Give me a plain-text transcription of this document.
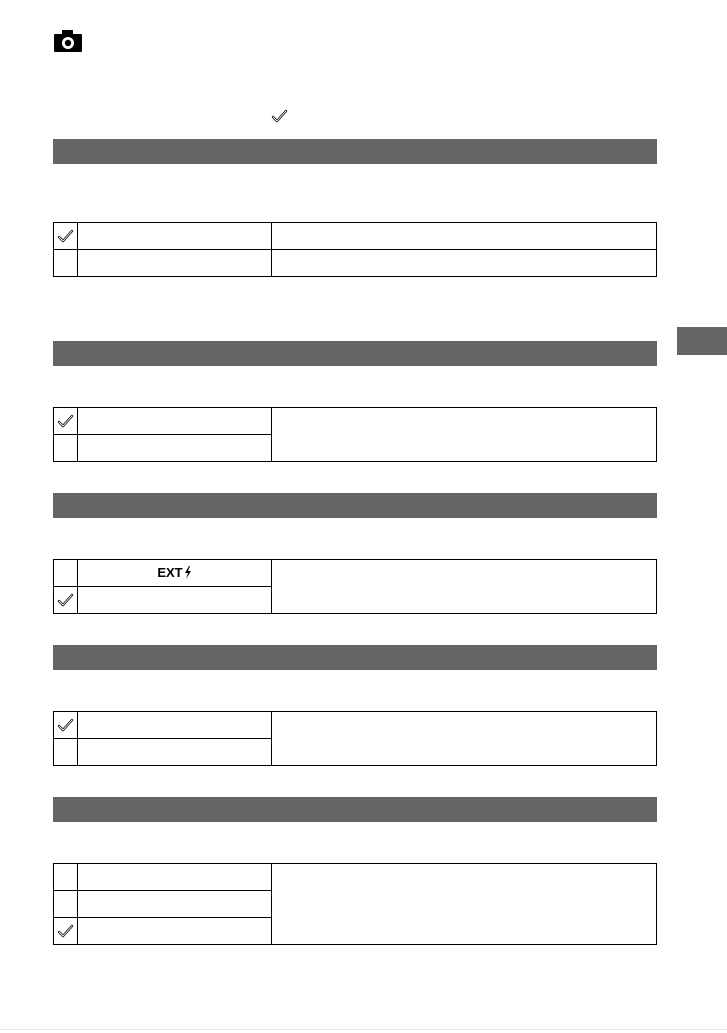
	EXT	
